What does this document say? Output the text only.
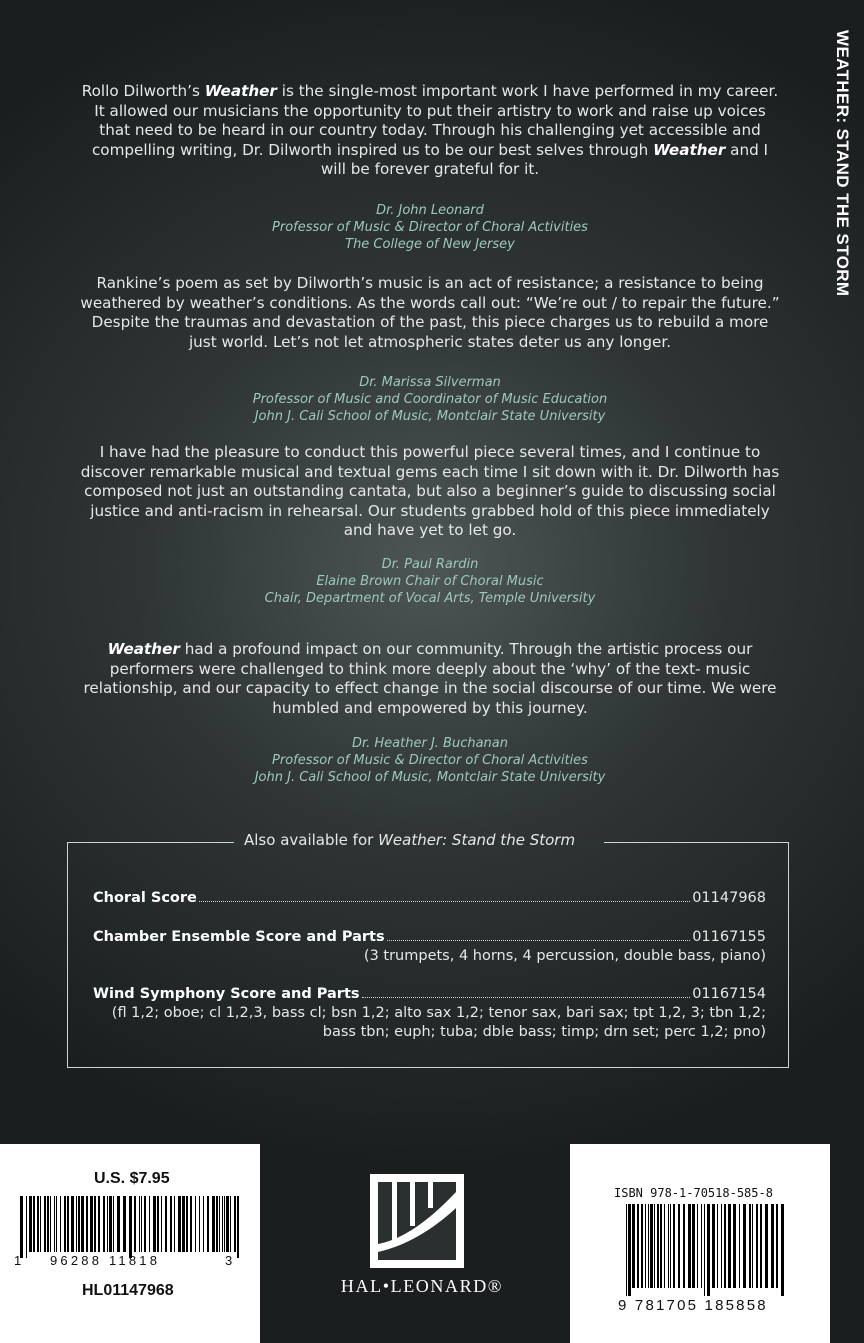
WEATHER: STAND THE STORM
Rollo Dilworth’s Weather is the single-most important work I have performed in my career. It allowed our musicians the opportunity to put their artistry to work and raise up voices that need to be heard in our country today. Through his challenging yet accessible and compelling writing, Dr. Dilworth inspired us to be our best selves through Weather and I will be forever grateful for it.
Dr. John Leonard
Professor of Music & Director of Choral Activities
The College of New Jersey
Rankine’s poem as set by Dilworth’s music is an act of resistance; a resistance to being weathered by weather’s conditions. As the words call out: “We’re out / to repair the future.” Despite the traumas and devastation of the past, this piece charges us to rebuild a more just world. Let’s not let atmospheric states deter us any longer.
Dr. Marissa Silverman
Professor of Music and Coordinator of Music Education
John J. Cali School of Music, Montclair State University
I have had the pleasure to conduct this powerful piece several times, and I continue to discover remarkable musical and textual gems each time I sit down with it. Dr. Dilworth has composed not just an outstanding cantata, but also a beginner’s guide to discussing social justice and anti-racism in rehearsal. Our students grabbed hold of this piece immediately and have yet to let go.
Dr. Paul Rardin
Elaine Brown Chair of Choral Music
Chair, Department of Vocal Arts, Temple University
Weather had a profound impact on our community. Through the artistic process our performers were challenged to think more deeply about the ‘why’ of the text- music relationship, and our capacity to effect change in the social discourse of our time. We were humbled and empowered by this journey.
Dr. Heather J. Buchanan
Professor of Music & Director of Choral Activities
John J. Cali School of Music, Montclair State University
Also available for Weather: Stand the Storm
Choral Score	01147968
Chamber Ensemble Score and Parts	01167155
(3 trumpets, 4 horns, 4 percussion, double bass, piano)
Wind Symphony Score and Parts	01167154
(fl 1,2; oboe; cl 1,2,3, bass cl; bsn 1,2; alto sax 1,2; tenor sax, bari sax; tpt 1,2, 3; tbn 1,2; bass tbn; euph; tuba; dble bass; timp; drn set; perc 1,2; pno)
U.S. $7.95
1 96288 11818	3
HL01147968	HAL•LEONARD®
ISBN 978-1-70518-585-8
9 781705 185858
